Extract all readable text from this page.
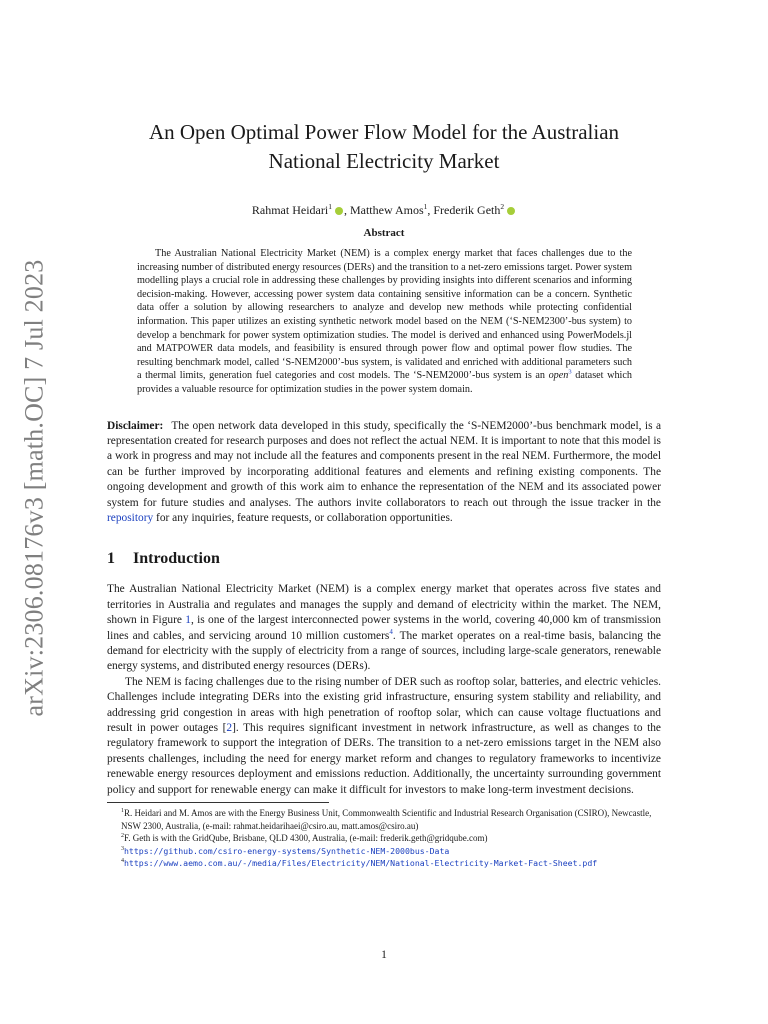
arXiv:2306.08176v3 [math.OC] 7 Jul 2023
An Open Optimal Power Flow Model for the Australian
National Electricity Market
Rahmat Heidari$^1$ , Matthew Amos$^1$, Frederik Geth$^2$
Abstract

The Australian National Electricity Market (NEM) is a complex energy market that faces challenges due to the increasing number of distributed energy resources (DERs) and the transition to a net-zero emissions target. Power system modelling plays a crucial role in addressing these challenges by providing insights into different scenarios and informing decision-making. However, accessing power system data containing sensitive information can be a concern. Synthetic data offer a solution by allowing researchers to analyze and develop new methods while protecting confidential information. This paper utilizes an existing synthetic network model based on the NEM (‘S-NEM2300’-bus system) to develop a benchmark for power system optimization studies. The model is derived and enhanced using PowerModels.jl and MATPOWER data models, and feasibility is ensured through power flow and optimal power flow studies. The resulting benchmark model, called ‘S-NEM2000’-bus system, is validated and enriched with additional parameters such a thermal limits, generation fuel categories and cost models. The ‘S-NEM2000’-bus system is an open$^3$ dataset which provides a valuable resource for optimization studies in the power system domain.

Disclaimer: The open network data developed in this study, specifically the ‘S-NEM2000’-bus benchmark model, is a representation created for research purposes and does not reflect the actual NEM. It is important to note that this model is a work in progress and may not include all the features and components present in the real NEM. Furthermore, the model can be further improved by incorporating additional features and elements and refining existing components. The ongoing development and growth of this work aim to enhance the representation of the NEM and its associated power system for future studies and analyses. The authors invite collaborators to reach out through the issue tracker in the repository for any inquiries, feature requests, or collaboration opportunities.

1 Introduction

The Australian National Electricity Market (NEM) is a complex energy market that operates across five states and territories in Australia and regulates and manages the supply and demand of electricity within the market. The NEM, shown in Figure 1, is one of the largest interconnected power systems in the world, covering 40,000 km of transmission lines and cables, and servicing around 10 million customers$^4$. The market operates on a real-time basis, balancing the demand for electricity with the supply of electricity from a range of sources, including large-scale generators, renewable energy systems, and distributed energy resources (DERs).

The NEM is facing challenges due to the rising number of DER such as rooftop solar, batteries, and electric vehicles. Challenges include integrating DERs into the existing grid infrastructure, ensuring system stability and reliability, and addressing grid congestion in areas with high penetration of rooftop solar, which can cause voltage fluctuations and result in power outages [2]. This requires significant investment in network infrastructure, as well as changes to the regulatory framework to support the integration of DERs. The transition to a net-zero emissions target in the NEM also presents challenges, including the need for energy market reform and changes to regulatory frameworks to incentivize renewable energy resources deployment and emissions reduction. Additionally, the uncertainty surrounding government policy and support for renewable energy can make it difficult for investors to make long-term investment decisions.

$^1$R. Heidari and M. Amos are with the Energy Business Unit, Commonwealth Scientific and Industrial Research Organisation (CSIRO), Newcastle, NSW 2300, Australia, (e-mail: rahmat.heidarihaei@csiro.au, matt.amos@csiro.au)
$^2$F. Geth is with the GridQube, Brisbane, QLD 4300, Australia, (e-mail: frederik.geth@gridqube.com)
$^3$https://github.com/csiro-energy-systems/Synthetic-NEM-2000bus-Data
$^4$https://www.aemo.com.au/-/media/Files/Electricity/NEM/National-Electricity-Market-Fact-Sheet.pdf
1
